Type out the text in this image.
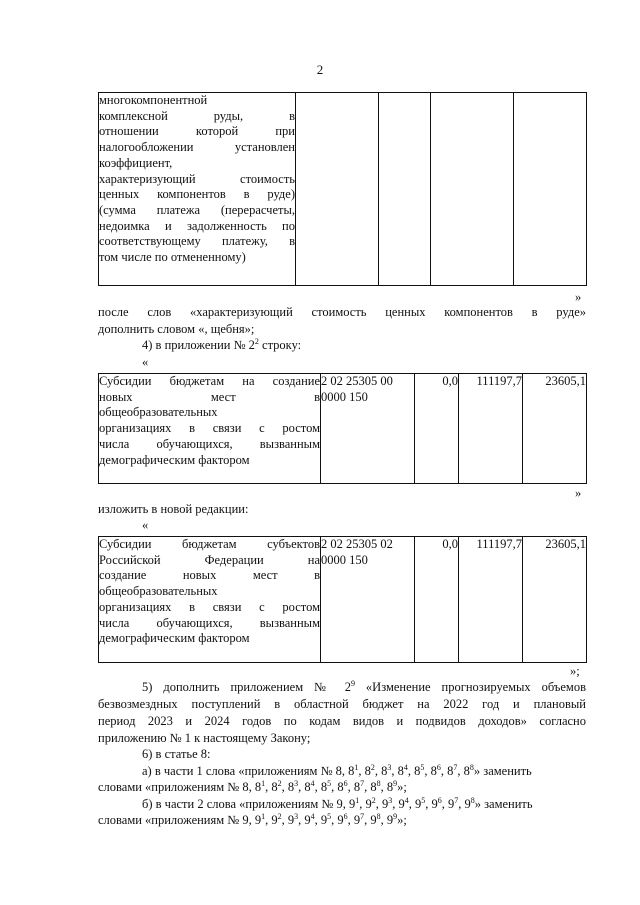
2
многокомпонентной
комплексной руды, в
отношении которой при
налогообложении установлен
коэффициент,
характеризующий стоимость
ценных компонентов в руде)
(сумма платежа (перерасчеты,
недоимка и задолженность по
соответствующему платежу, в
том числе по отмененному)

»
после слов «характеризующий стоимость ценных компонентов в руде»
дополнить словом «, щебня»;
4) в приложении № $2^2$ строку:
«
Субсидии бюджетам на создание
новых мест в
общеобразовательных
организациях в связи с ростом
числа обучающихся, вызванным
демографическим фактором

2 02 25305 00
0000 150
	0,0	111197,7	23605,1
»
изложить в новой редакции:
«
Субсидии бюджетам субъектов
Российской Федерации на
создание новых мест в
общеобразовательных
организациях в связи с ростом
числа обучающихся, вызванным
демографическим фактором

2 02 25305 02
0000 150
	0,0	111197,7	23605,1
»;
5) дополнить приложением № $2^9$ «Изменение прогнозируемых объемов
безвозмездных поступлений в областной бюджет на 2022 год и плановый
период 2023 и 2024 годов по кодам видов и подвидов доходов» согласно
приложению № 1 к настоящему Закону;
6) в статье 8:
а) в части 1 слова «приложениям № 8, $8^1$, $8^2$, $8^3$, $8^4$, $8^5$, $8^6$, $8^7$, $8^8$» заменить
словами «приложениям № 8, $8^1$, $8^2$, $8^3$, $8^4$, $8^5$, $8^6$, $8^7$, $8^8$, $8^9$»;
б) в части 2 слова «приложениям № 9, $9^1$, $9^2$, $9^3$, $9^4$, $9^5$, $9^6$, $9^7$, $9^8$» заменить
словами «приложениям № 9, $9^1$, $9^2$, $9^3$, $9^4$, $9^5$, $9^6$, $9^7$, $9^8$, $9^9$»;
